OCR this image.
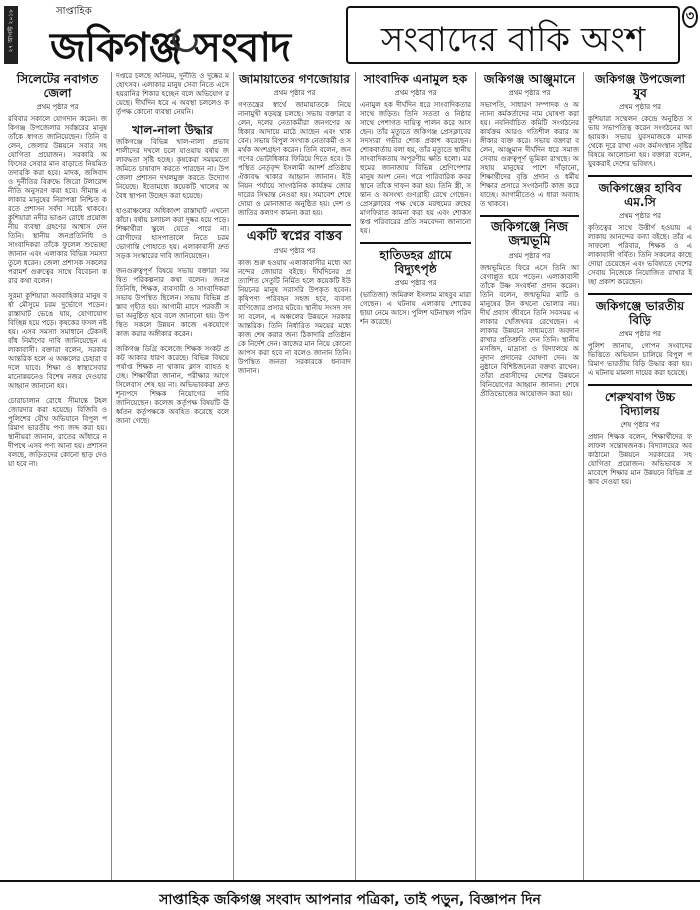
২৭ আগস্ট ২০১৮	সাপ্তাহিক
জকিগঞ্জ সংবাদ	সংবাদের বাকি অংশ
৩
সিলেটের নবাগত জেলা
প্রথম পৃষ্ঠার পর
রবিবার সকালে যোগদান করেন। জকিগঞ্জ উপজেলার সর্বস্তরের মানুষ তাঁকে স্বাগত জানিয়েছেন। তিনি বলেন, জেলার উন্নয়নে সবার সহযোগিতা প্রয়োজন। সরকারি অফিসের সেবার মান বাড়াতে নিয়মিত তদারকি করা হবে। মাদক, জঙ্গিবাদ ও দুর্নীতির বিরুদ্ধে জিরো টলারেন্স নীতি অনুসরণ করা হবে। সীমান্ত এলাকার মানুষের নিরাপত্তা নিশ্চিত করতে প্রশাসন সর্বদা সচেষ্ট থাকবে। কুশিয়ারা নদীর ভাঙন রোধে প্রয়োজনীয় ব্যবস্থা গ্রহণের আশ্বাস দেন তিনি। স্থানীয় জনপ্রতিনিধি ও সাংবাদিকরা তাঁকে ফুলেল শুভেচ্ছা জানান এবং এলাকার বিভিন্ন সমস্যা তুলে ধরেন। জেলা প্রশাসক সকলের পরামর্শ গুরুত্বের সাথে বিবেচনা করার কথা বলেন।
সুরমা কুশিয়ারা অববাহিকার মানুষ বর্ষা মৌসুমে চরম দুর্ভোগে পড়েন। রাস্তাঘাট ভেঙে যায়, যোগাযোগ বিচ্ছিন্ন হয়ে পড়ে। কৃষকের ফসল নষ্ট হয়। এসব সমস্যা সমাধানে টেকসই বাঁধ নির্মাণের দাবি জানিয়েছেন এলাকাবাসী। বক্তারা বলেন, সরকার আন্তরিক হলে এ অঞ্চলের চেহারা বদলে যাবে। শিক্ষা ও স্বাস্থ্যসেবার মানোন্নয়নেও বিশেষ নজর দেওয়ার আহ্বান জানানো হয়।
চোরাচালান রোধে সীমান্তে টহল জোরদার করা হয়েছে। বিজিবি ও পুলিশের যৌথ অভিযানে বিপুল পরিমাণ ভারতীয় পণ্য জব্দ করা হয়। স্থানীয়রা জানান, রাতের আঁধারে নদীপথে এসব পণ্য আনা হয়। প্রশাসন বলছে, জড়িতদের কোনো ছাড় দেওয়া হবে না।
দপ্তরে চলছে অনিয়ম, দুর্নীতি ও দুষ্কের মহোৎসব। এলাকার মানুষ সেবা নিতে এসে হয়রানির শিকার হচ্ছেন বলে অভিযোগ রয়েছে। দীর্ঘদিন ধরে এ অবস্থা চললেও কর্তৃপক্ষ কোনো ব্যবস্থা নেয়নি।
খাল-নালা উদ্ধার
জকিগঞ্জে বিভিন্ন খাল-নালা প্রভাবশালীদের দখলে চলে যাওয়ায় বর্ষায় জলাবদ্ধতা সৃষ্টি হচ্ছে। কৃষকেরা সময়মতো জমিতে চাষাবাদ করতে পারছেন না। উপজেলা প্রশাসন দখলমুক্ত করতে উদ্যোগ নিয়েছে। ইতোমধ্যে কয়েকটি খালের অবৈধ স্থাপনা উচ্ছেদ করা হয়েছে।
হাওরাঞ্চলের অধিকাংশ রাস্তাঘাট এখনো কাঁচা। বর্ষায় চলাচল করা দুষ্কর হয়ে পড়ে। শিক্ষার্থীরা স্কুলে যেতে পারে না। রোগীদের হাসপাতালে নিতে চরম ভোগান্তি পোহাতে হয়। এলাকাবাসী দ্রুত সড়ক সংস্কারের দাবি জানিয়েছেন।
জনগুরুত্বপূর্ণ বিষয়ে সভায় বক্তারা সমন্বিত পরিকল্পনার কথা বলেন। জনপ্রতিনিধি, শিক্ষক, ব্যবসায়ী ও সাংবাদিকরা সভায় উপস্থিত ছিলেন। সভায় বিভিন্ন প্রস্তাব গৃহীত হয়। আগামী মাসে পরবর্তী সভা অনুষ্ঠিত হবে বলে জানানো হয়। উপস্থিত সকলে উন্নয়ন কাজে একযোগে কাজ করার অঙ্গীকার করেন।
জকিগঞ্জ ডিগ্রি কলেজে শিক্ষক সংকট প্রকট আকার ধারণ করেছে। বিভিন্ন বিষয়ে পর্যাপ্ত শিক্ষক না থাকায় ক্লাস ব্যাহত হচ্ছে। শিক্ষার্থীরা জানান, পরীক্ষার আগে সিলেবাস শেষ হয় না। অভিভাবকরা দ্রুত শূন্যপদে শিক্ষক নিয়োগের দাবি জানিয়েছেন। কলেজ কর্তৃপক্ষ বিষয়টি ঊর্ধ্বতন কর্তৃপক্ষকে অবহিত করেছে বলে জানা গেছে।
জামায়াতের গণজোয়ার
প্রথম পৃষ্ঠার পর
গণতন্ত্রের স্বার্থে জামায়াতকে নিয়ে নানামুখী ষড়যন্ত্র চলছে। সভায় বক্তারা বলেন, দলের নেতাকর্মীরা জনগণের অধিকার আদায়ে মাঠে আছেন এবং থাকবেন। সভায় বিপুল সংখ্যক নেতাকর্মী ও সমর্থক অংশগ্রহণ করেন। তিনি বলেন, জনগণের ভোটাধিকার ফিরিয়ে দিতে হবে। উপস্থিত নেতৃবৃন্দ ইসলামী আদর্শ প্রতিষ্ঠায় ঐক্যবদ্ধ থাকার আহ্বান জানান। ইউনিয়ন পর্যায়ে সাংগঠনিক কার্যক্রম জোরদারের সিদ্ধান্ত নেওয়া হয়। সমাবেশ শেষে দোয়া ও মোনাজাত অনুষ্ঠিত হয়। দেশ ও জাতির কল্যাণ কামনা করা হয়।
একটি স্বপ্নের বাস্তব
প্রথম পৃষ্ঠার পর
কাজ শুরু হওয়ায় এলাকাবাসীর মধ্যে আনন্দের জোয়ার বইছে। দীর্ঘদিনের প্রত্যাশিত সেতুটি নির্মিত হলে কয়েকটি ইউনিয়নের মানুষ সরাসরি উপকৃত হবেন। কৃষিপণ্য পরিবহন সহজ হবে, ব্যবসা বাণিজ্যের প্রসার ঘটবে। স্থানীয় সংসদ সদস্য বলেন, এ অঞ্চলের উন্নয়নে সরকার আন্তরিক। তিনি নির্ধারিত সময়ের মধ্যে কাজ শেষ করার জন্য ঠিকাদারি প্রতিষ্ঠানকে নির্দেশ দেন। কাজের মান নিয়ে কোনো আপস করা হবে না বলেও জানান তিনি। উপস্থিত জনতা সরকারকে ধন্যবাদ জানান।
সাংবাদিক এনামুল হক
প্রথম পৃষ্ঠার পর
এনামুল হক দীর্ঘদিন ধরে সাংবাদিকতার সাথে জড়িত। তিনি সততা ও নিষ্ঠার সাথে পেশাগত দায়িত্ব পালন করে আসছেন। তাঁর মৃত্যুতে জকিগঞ্জ প্রেসক্লাবের সদস্যরা গভীর শোক প্রকাশ করেছেন। শোকবার্তায় বলা হয়, তাঁর মৃত্যুতে স্থানীয় সাংবাদিকতায় অপূরণীয় ক্ষতি হলো। মরহুমের জানাজায় বিভিন্ন শ্রেণিপেশার মানুষ অংশ নেন। পরে পারিবারিক কবরস্থানে তাঁকে দাফন করা হয়। তিনি স্ত্রী, সন্তান ও অসংখ্য গুণগ্রাহী রেখে গেছেন। প্রেসক্লাবের পক্ষ থেকে মরহুমের রুহের মাগফিরাত কামনা করা হয় এবং শোকসন্তপ্ত পরিবারের প্রতি সমবেদনা জানানো হয়।
হাতিডহর গ্রামে বিদ্যুৎপৃষ্ঠ
প্রথম পৃষ্ঠার পর
(ভাতিজা) জমিরুল ইসলাম মাহবুব মারা গেছেন। এ ঘটনায় এলাকায় শোকের ছায়া নেমে আসে। পুলিশ ঘটনাস্থল পরিদর্শন করেছে।
জকিগঞ্জ আঞ্জুমানে
প্রথম পৃষ্ঠার পর
সভাপতি, সাধারণ সম্পাদক ও অন্যান্য কর্মকর্তাদের নাম ঘোষণা করা হয়। নবনির্বাচিত কমিটি সংগঠনের কার্যক্রম আরও গতিশীল করার অঙ্গীকার ব্যক্ত করে। সভায় বক্তারা বলেন, আঞ্জুমান দীর্ঘদিন ধরে সমাজসেবায় গুরুত্বপূর্ণ ভূমিকা রাখছে। অসহায় মানুষের পাশে দাঁড়ানো, শিক্ষার্থীদের বৃত্তি প্রদান ও ধর্মীয় শিক্ষার প্রসারে সংগঠনটি কাজ করে যাচ্ছে। আগামীতেও এ ধারা অব্যাহত থাকবে।
জকিগঞ্জে নিজ জন্মভূমি
প্রথম পৃষ্ঠার পর
জন্মভূমিতে ফিরে এসে তিনি আবেগাপ্লুত হয়ে পড়েন। এলাকাবাসী তাঁকে উষ্ণ সংবর্ধনা প্রদান করেন। তিনি বলেন, জন্মভূমির মাটি ও মানুষের টান কখনো ভোলার নয়। দীর্ঘ প্রবাস জীবনে তিনি সবসময় এলাকার খোঁজখবর রেখেছেন। এলাকার উন্নয়নে সাধ্যমতো অবদান রাখার প্রতিশ্রুতি দেন তিনি। স্থানীয় মসজিদ, মাদ্রাসা ও বিদ্যালয়ে অনুদান প্রদানের ঘোষণা দেন। অনুষ্ঠানে বিশিষ্টজনেরা বক্তব্য রাখেন। তাঁরা প্রবাসীদের দেশের উন্নয়নে বিনিয়োগের আহ্বান জানান। শেষে প্রীতিভোজের আয়োজন করা হয়।
জকিগঞ্জ উপজেলা যুব
প্রথম পৃষ্ঠার পর
কুশিয়ারা সম্মেলন কেন্দ্রে অনুষ্ঠিত সভায় সভাপতিত্ব করেন সংগঠনের আহ্বায়ক। সভায় যুবসমাজকে মাদক থেকে দূরে রাখা এবং কর্মসংস্থান সৃষ্টির বিষয়ে আলোচনা হয়। বক্তারা বলেন, যুবকরাই দেশের ভবিষ্যৎ।
জকিগঞ্জের হাবিব এম.সি
প্রথম পৃষ্ঠার পর
কৃতিত্বের সাথে উত্তীর্ণ হওয়ায় এলাকায় আনন্দের বন্যা বইছে। তাঁর এ সাফল্যে পরিবার, শিক্ষক ও এলাকাবাসী গর্বিত। তিনি সকলের কাছে দোয়া চেয়েছেন এবং ভবিষ্যতে দেশের সেবায় নিজেকে নিয়োজিত রাখার ইচ্ছা প্রকাশ করেছেন।
জকিগঞ্জে ভারতীয় বিড়ি
প্রথম পৃষ্ঠার পর
পুলিশ জানায়, গোপন সংবাদের ভিত্তিতে অভিযান চালিয়ে বিপুল পরিমাণ ভারতীয় বিড়ি উদ্ধার করা হয়। এ ঘটনায় মামলা দায়ের করা হয়েছে।
শেরুখবাগ উচ্চ বিদ্যালয়
শেষ পৃষ্ঠার পর
প্রধান শিক্ষক বলেন, শিক্ষার্থীদের ফলাফল সন্তোষজনক। বিদ্যালয়ের অবকাঠামো উন্নয়নে সরকারের সহযোগিতা প্রয়োজন। অভিভাবক সমাবেশে শিক্ষার মান উন্নয়নে বিভিন্ন প্রস্তাব দেওয়া হয়।
সাপ্তাহিক জকিগঞ্জ সংবাদ আপনার পত্রিকা, তাই পড়ুন, বিজ্ঞাপন দিন
